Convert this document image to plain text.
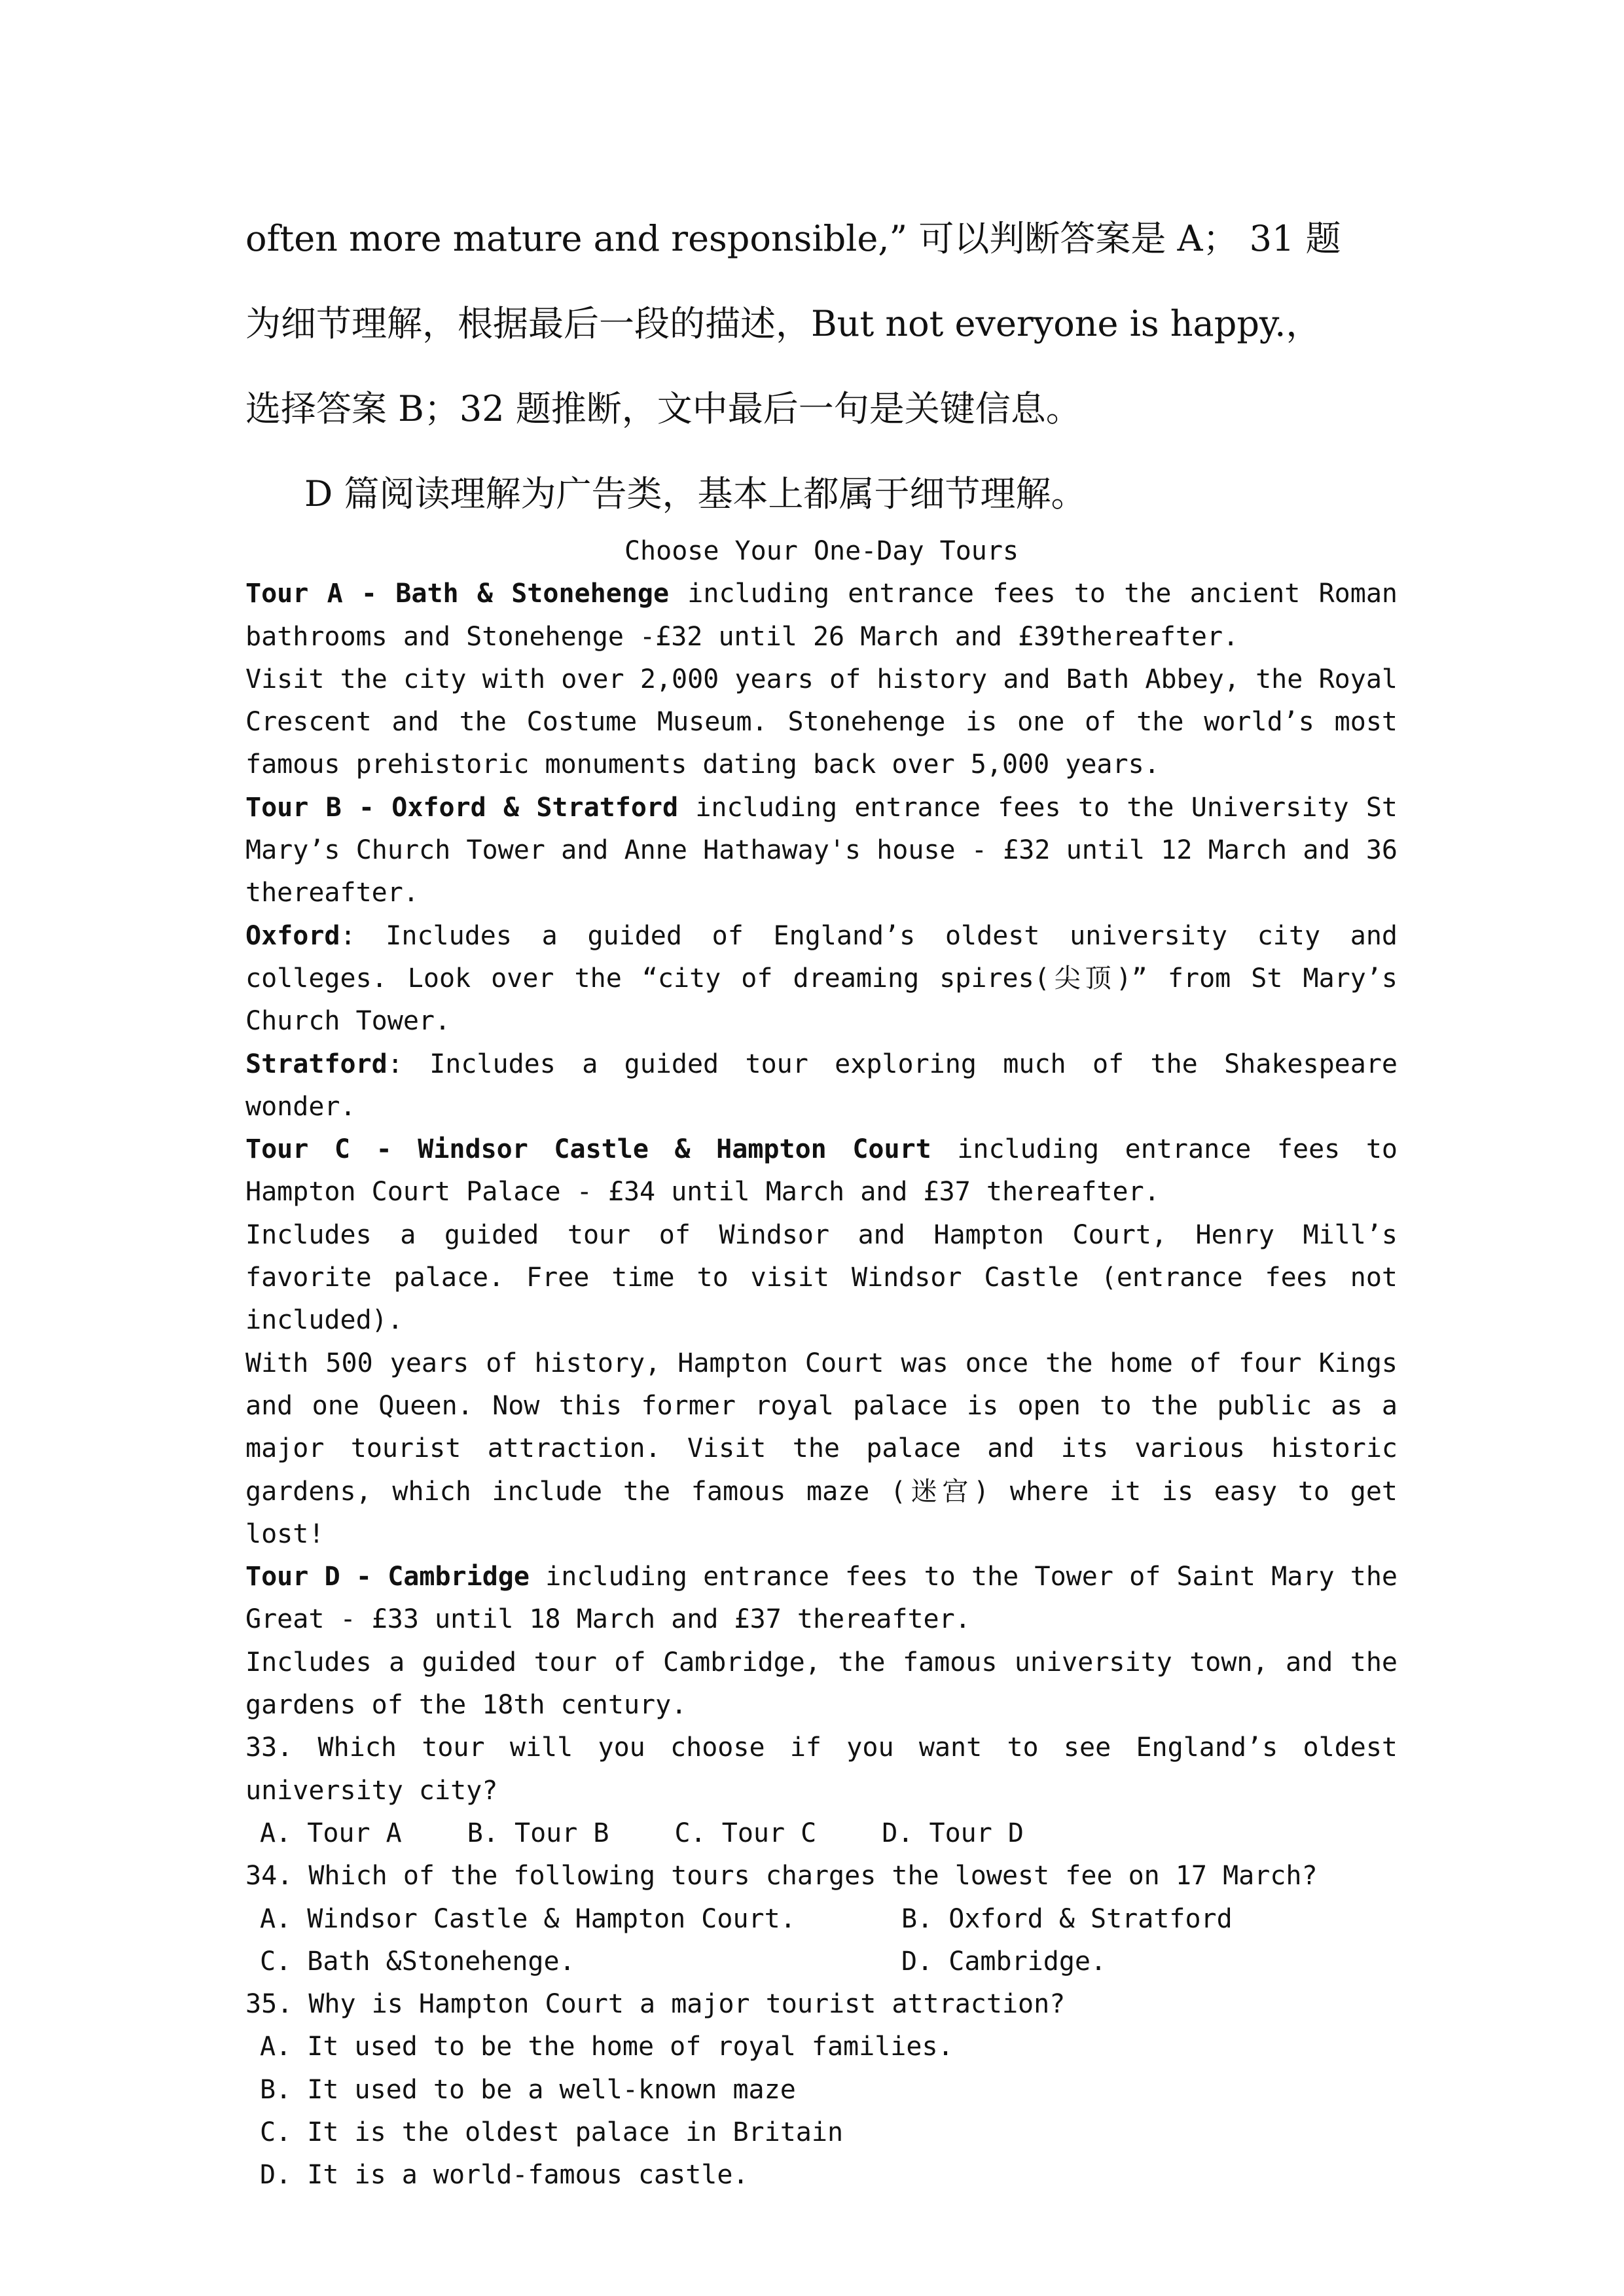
often more mature and responsible,” 可以判断答案是 A； 31 题
为细节理解，根据最后一段的描述，But not everyone is happy.，
选择答案 B；32 题推断，文中最后一句是关键信息。
D 篇阅读理解为广告类，基本上都属于细节理解。

Choose Your One-Day Tours

Tour A - Bath & Stonehenge including entrance fees to the ancient Roman bathrooms and Stonehenge -£32 until 26 March and £39thereafter.

Visit the city with over 2,000 years of history and Bath Abbey, the Royal Crescent and the Costume Museum. Stonehenge is one of the world’s most famous prehistoric monuments dating back over 5,000 years.

Tour B - Oxford & Stratford including entrance fees to the University St Mary’s Church Tower and Anne Hathaway's house - £32 until 12 March and 36 thereafter.

Oxford: Includes a guided of England’s oldest university city and colleges. Look over the “city of dreaming spires(尖顶)” from St Mary’s Church Tower.

Stratford: Includes a guided tour exploring much of the Shakespeare wonder.

Tour C - Windsor Castle & Hampton Court including entrance fees to Hampton Court Palace - £34 until March and £37 thereafter.

Includes a guided tour of Windsor and Hampton Court, Henry Mill’s favorite palace. Free time to visit Windsor Castle (entrance fees not included).

With 500 years of history, Hampton Court was once the home of four Kings and one Queen. Now this former royal palace is open to the public as a major tourist attraction. Visit the palace and its various historic gardens, which include the famous maze (迷宫) where it is easy to get lost!

Tour D - Cambridge including entrance fees to the Tower of Saint Mary the Great - £33 until 18 March and £37 thereafter.

Includes a guided tour of Cambridge, the famous university town, and the gardens of the 18th century.

33. Which tour will you choose if you want to see England’s oldest university city?

A. Tour A	B. Tour B	C. Tour C	D. Tour D

34. Which of the following tours charges the lowest fee on 17 March?

A. Windsor Castle & Hampton Court.	B. Oxford & Stratford
C. Bath &Stonehenge.	D. Cambridge.

35. Why is Hampton Court a major tourist attraction?

A. It used to be the home of royal families.
B. It used to be a well-known maze
C. It is the oldest palace in Britain
D. It is a world-famous castle.
